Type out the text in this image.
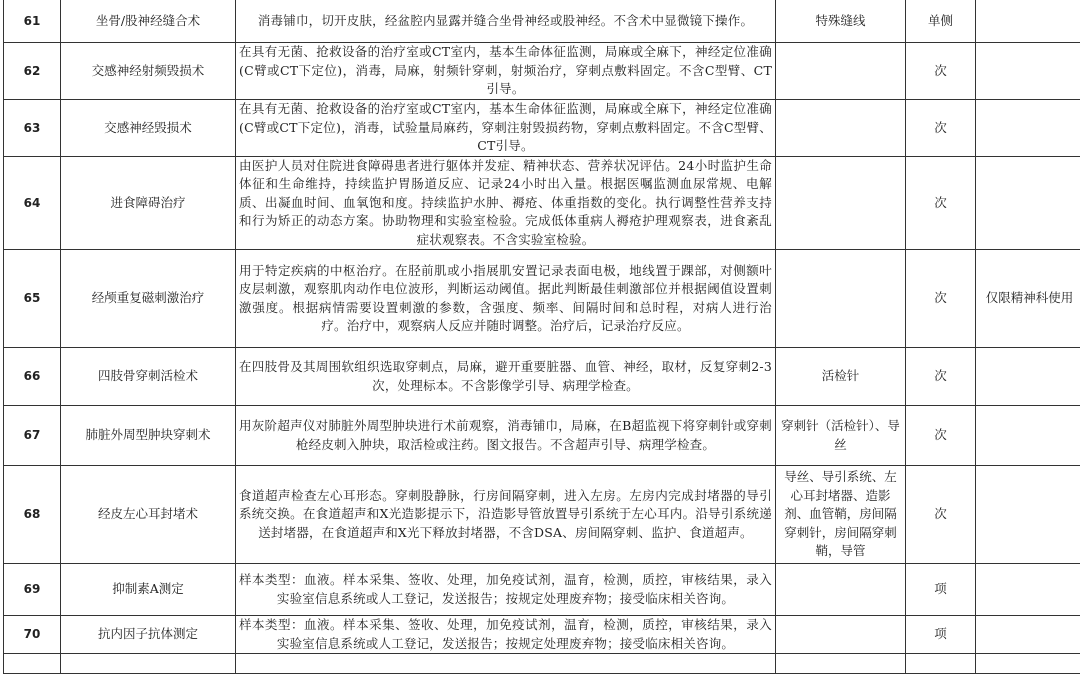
61	坐骨/股神经缝合术	消毒铺巾，切开皮肤，经盆腔内显露并缝合坐骨神经或股神经。不含术中显微镜下操作。	特殊缝线	单侧	
62	交感神经射频毁损术	在具有无菌、抢救设备的治疗室或CT室内，基本生命体征监测，局麻或全麻下，神经定位准确(C臂或CT下定位)，消毒，局麻，射频针穿刺，射频治疗，穿刺点敷料固定。不含C型臂、CT引导。		次	
63	交感神经毁损术	在具有无菌、抢救设备的治疗室或CT室内，基本生命体征监测，局麻或全麻下，神经定位准确(C臂或CT下定位)，消毒，试验量局麻药，穿刺注射毁损药物，穿刺点敷料固定。不含C型臂、CT引导。		次	
64	进食障碍治疗	由医护人员对住院进食障碍患者进行躯体并发症、精神状态、营养状况评估。24小时监护生命体征和生命维持，持续监护胃肠道反应、记录24小时出入量。根据医嘱监测血尿常规、电解质、出凝血时间、血氧饱和度。持续监护水肿、褥疮、体重指数的变化。执行调整性营养支持和行为矫正的动态方案。协助物理和实验室检验。完成低体重病人褥疮护理观察表，进食紊乱症状观察表。不含实验室检验。		次	
65	经颅重复磁刺激治疗	用于特定疾病的中枢治疗。在胫前肌或小指展肌安置记录表面电极，地线置于踝部，对侧额叶皮层刺激，观察肌肉动作电位波形，判断运动阈值。据此判断最佳刺激部位并根据阈值设置刺激强度。根据病情需要设置刺激的参数，含强度、频率、间隔时间和总时程，对病人进行治疗。治疗中，观察病人反应并随时调整。治疗后，记录治疗反应。		次	仅限精神科使用
66	四肢骨穿刺活检术	在四肢骨及其周围软组织选取穿刺点，局麻，避开重要脏器、血管、神经，取材，反复穿刺2-3次，处理标本。不含影像学引导、病理学检查。	活检针	次	
67	肺脏外周型肿块穿刺术	用灰阶超声仪对肺脏外周型肿块进行术前观察，消毒铺巾，局麻，在B超监视下将穿刺针或穿刺枪经皮刺入肿块，取活检或注药。图文报告。不含超声引导、病理学检查。	穿刺针（活检针）、导丝	次	
68	经皮左心耳封堵术	食道超声检查左心耳形态。穿刺股静脉，行房间隔穿刺，进入左房。左房内完成封堵器的导引系统交换。在食道超声和X光造影提示下，沿造影导管放置导引系统于左心耳内。沿导引系统递送封堵器，在食道超声和X光下释放封堵器，不含DSA、房间隔穿刺、监护、食道超声。	导丝、导引系统、左心耳封堵器、造影剂、血管鞘，房间隔穿刺针，房间隔穿刺鞘，导管	次	
69	抑制素A测定	样本类型：血液。样本采集、签收、处理，加免疫试剂，温育，检测，质控，审核结果，录入实验室信息系统或人工登记，发送报告；按规定处理废弃物；接受临床相关咨询。		项	
70	抗内因子抗体测定	样本类型：血液。样本采集、签收、处理，加免疫试剂，温育，检测，质控，审核结果，录入实验室信息系统或人工登记，发送报告；按规定处理废弃物；接受临床相关咨询。		项	
